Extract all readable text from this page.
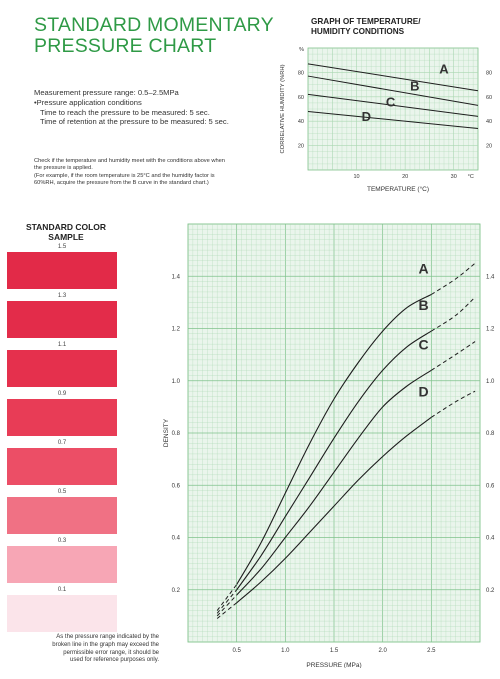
STANDARD MOMENTARY
PRESSURE CHART
Measurement pressure range: 0.5–2.5MPa
•Pressure application conditions
Time to reach the pressure to be measured: 5 sec.
Time of retention at the pressure to be measured: 5 sec.
Check if the temperature and humidity meet with the conditions above when
the pressure is applied.
(For example, if the room temperature is 25°C and the humidity factor is
60%RH, acquire the pressure from the B curve in the standard chart.)
GRAPH OF TEMPERATURE/
HUMIDITY CONDITIONS
A
B
C
D
20	20
40	40
60	60
80	80
%
10	20	30 °C
TEMPERATURE (°C)
CORRELATIVE HUMIDITY (%RH)
STANDARD COLOR
SAMPLE
1.5
1.3
1.1
0.9
0.7
0.5
0.3
0.1
A
B
C
D
0.2
0.4
0.6
0.8
1.0
1.2
1.4
0.2
0.4
0.6
0.8
1.0
1.2
1.4
0.5	1.0	1.5	2.0	2.5
PRESSURE (MPa)
DENSITY
As the pressure range indicated by the
broken line in the graph may exceed the
permissible error range, it should be
used for reference purposes only.
